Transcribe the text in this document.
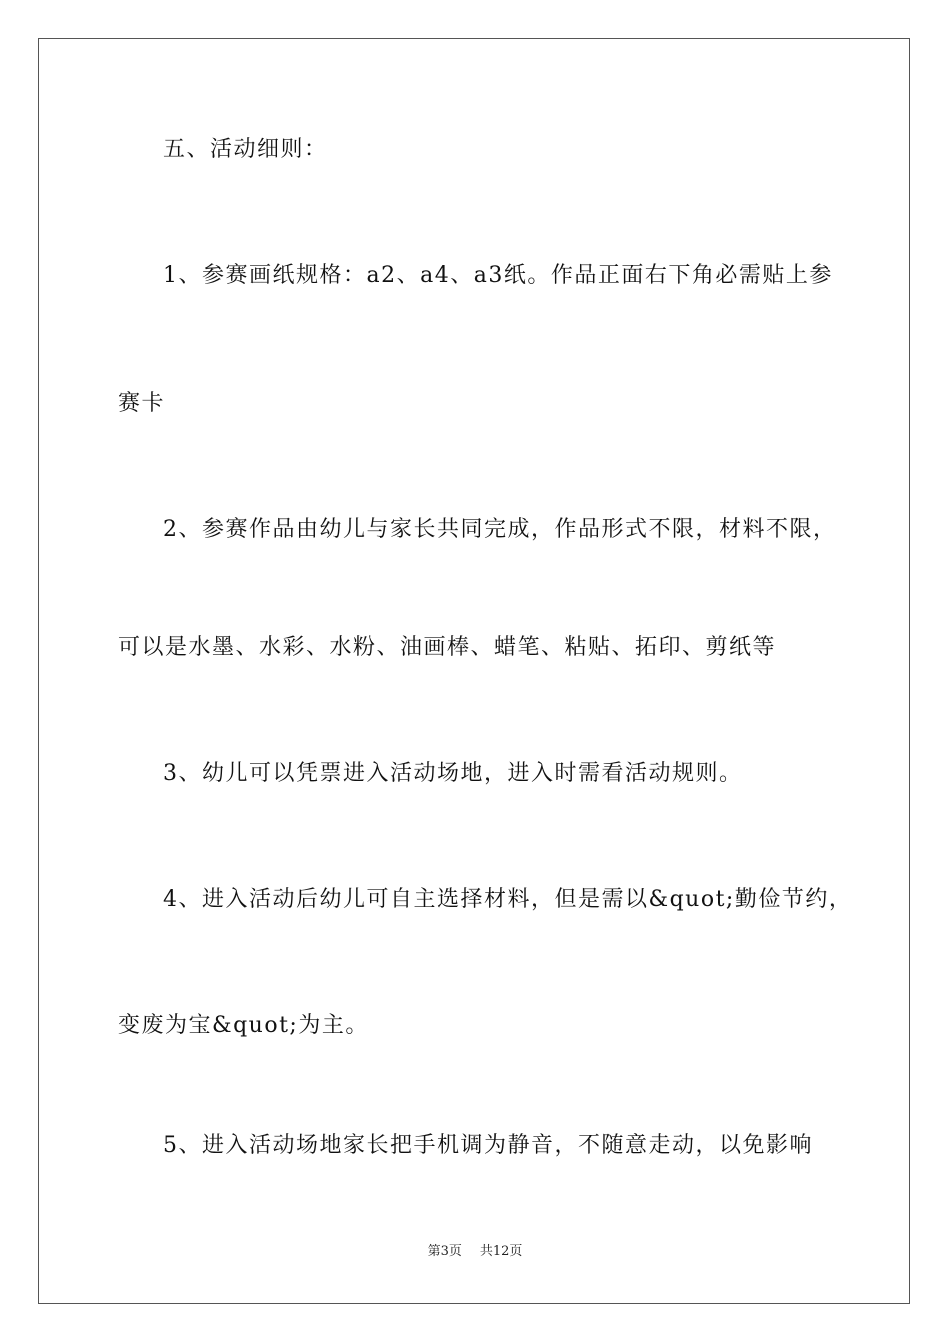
五、活动细则：
1、参赛画纸规格：a2、a4、a3纸。作品正面右下角必需贴上参
赛卡
2、参赛作品由幼儿与家长共同完成，作品形式不限，材料不限，
可以是水墨、水彩、水粉、油画棒、蜡笔、粘贴、拓印、剪纸等
3、幼儿可以凭票进入活动场地，进入时需看活动规则。
4、进入活动后幼儿可自主选择材料，但是需以&quot;勤俭节约，
变废为宝&quot;为主。
5、进入活动场地家长把手机调为静音，不随意走动，以免影响
第3页 共12页
